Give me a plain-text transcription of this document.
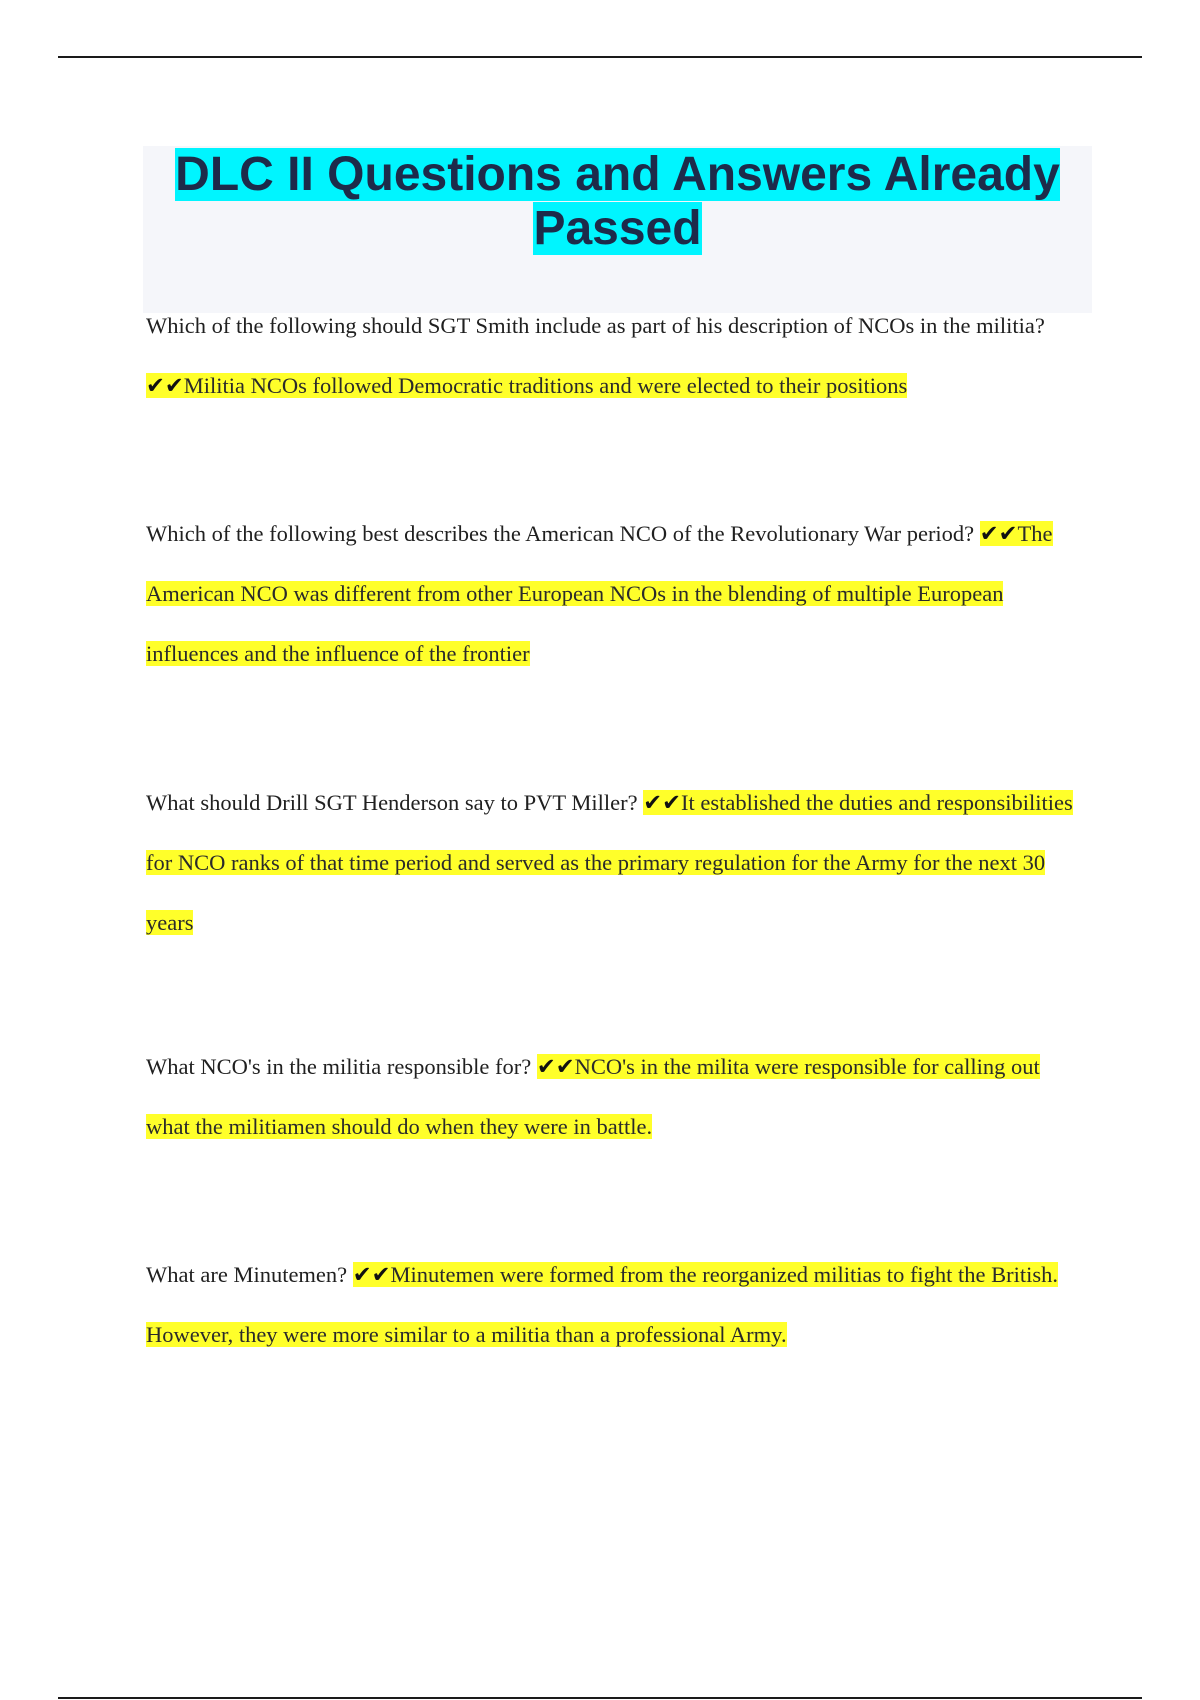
DLC II Questions and Answers Already
Passed

Which of the following should SGT Smith include as part of his description of NCOs in the militia? ✔✔Militia NCOs followed Democratic traditions and were elected to their positions

Which of the following best describes the American NCO of the Revolutionary War period? ✔✔The American NCO was different from other European NCOs in the blending of multiple European influences and the influence of the frontier

What should Drill SGT Henderson say to PVT Miller? ✔✔It established the duties and responsibilities for NCO ranks of that time period and served as the primary regulation for the Army for the next 30 years

What NCO's in the militia responsible for? ✔✔NCO's in the milita were responsible for calling out what the militiamen should do when they were in battle.

What are Minutemen? ✔✔Minutemen were formed from the reorganized militias to fight the British. However, they were more similar to a militia than a professional Army.
